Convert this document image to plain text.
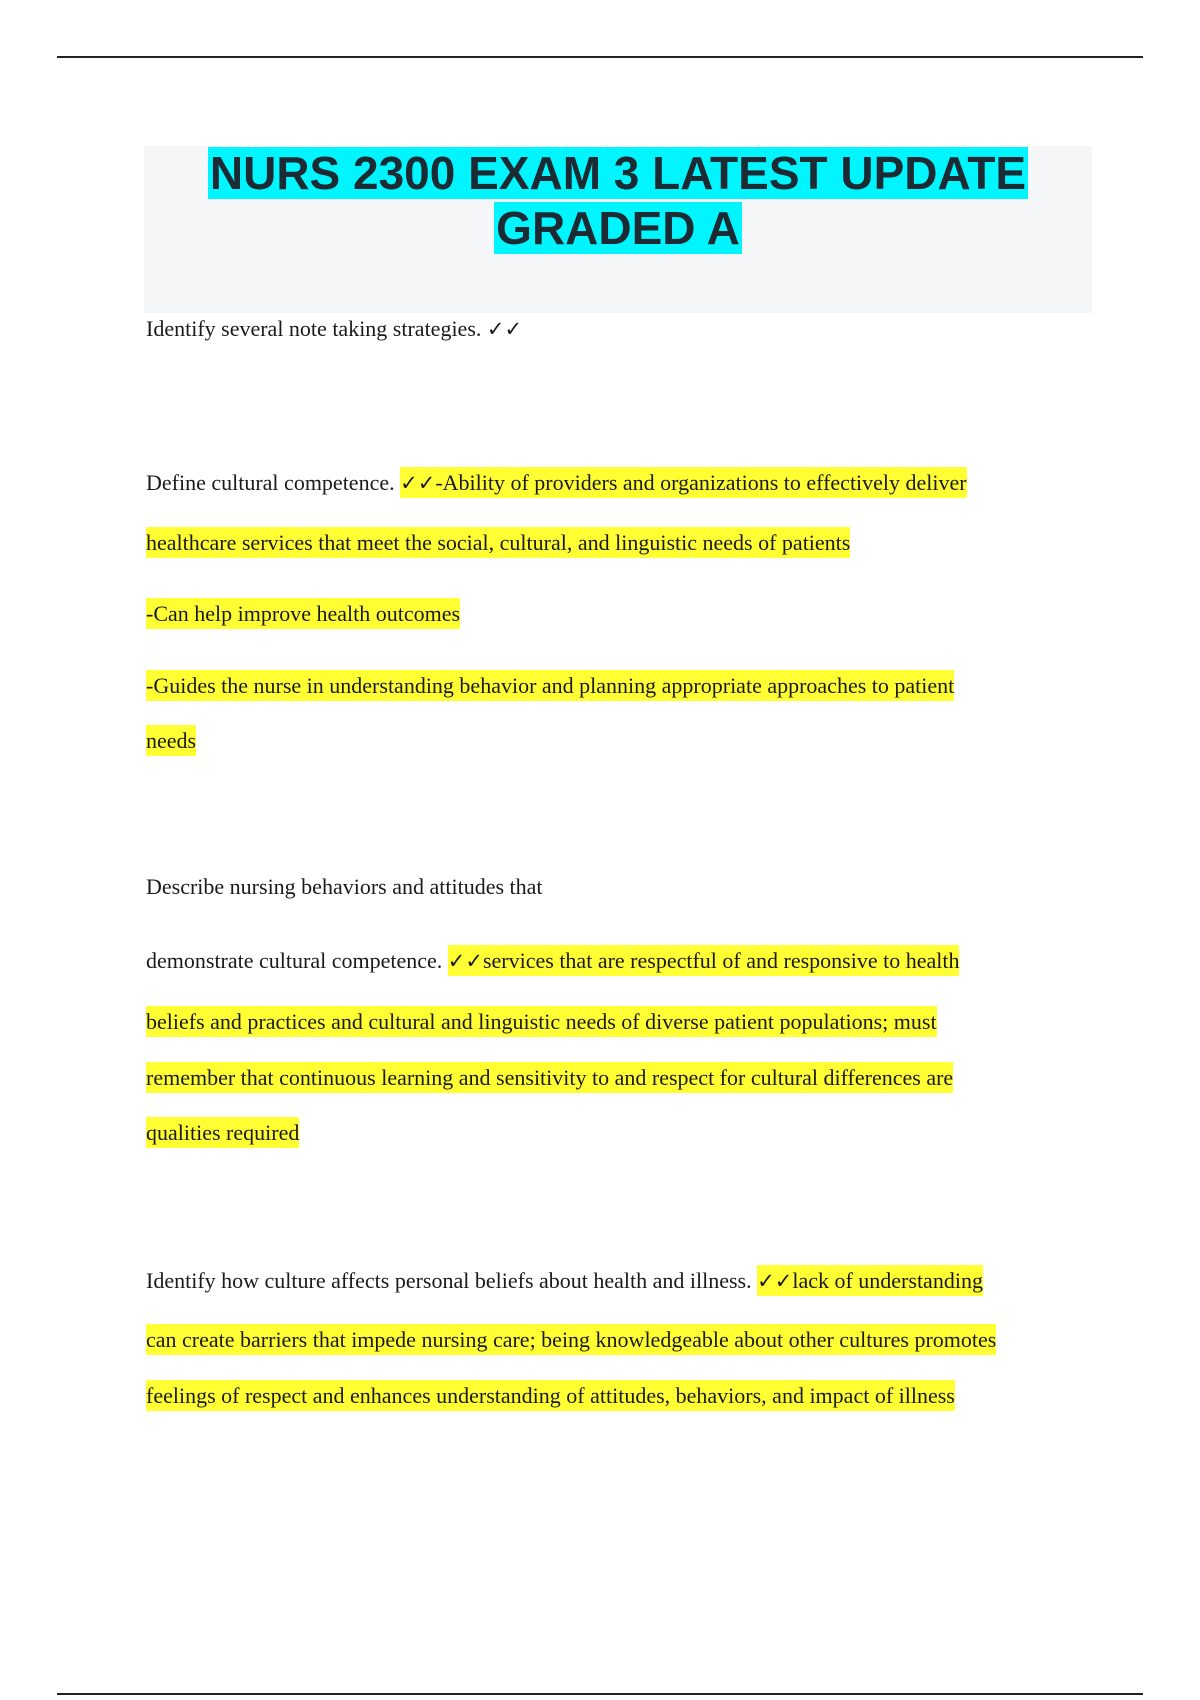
NURS 2300 EXAM 3 LATEST UPDATE
GRADED A
Identify several note taking strategies. ✓✓
Define cultural competence. ✓✓-Ability of providers and organizations to effectively deliver
healthcare services that meet the social, cultural, and linguistic needs of patients
-Can help improve health outcomes
-Guides the nurse in understanding behavior and planning appropriate approaches to patient
needs
Describe nursing behaviors and attitudes that
demonstrate cultural competence. ✓✓services that are respectful of and responsive to health
beliefs and practices and cultural and linguistic needs of diverse patient populations; must
remember that continuous learning and sensitivity to and respect for cultural differences are
qualities required
Identify how culture affects personal beliefs about health and illness. ✓✓lack of understanding
can create barriers that impede nursing care; being knowledgeable about other cultures promotes
feelings of respect and enhances understanding of attitudes, behaviors, and impact of illness
